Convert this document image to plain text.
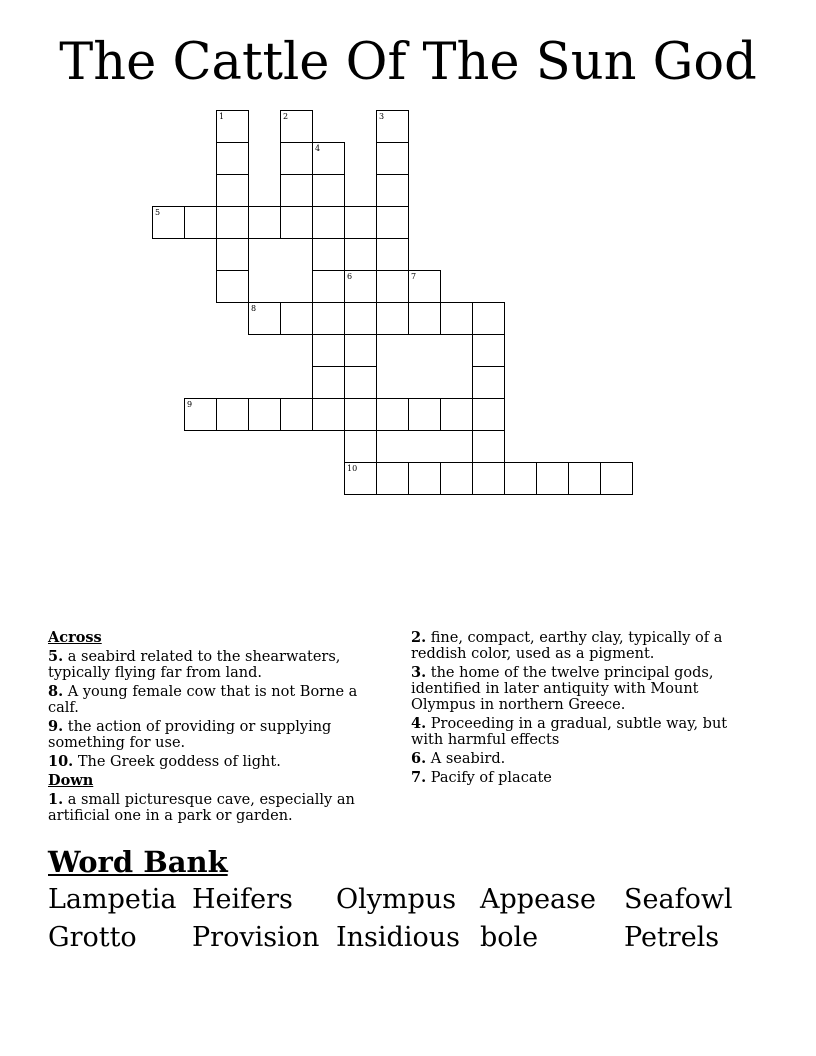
The Cattle Of The Sun God
1	2	3
4
5
6	7
8
9
10
Across
5. a seabird related to the shearwaters, typically flying far from land.
8. A young female cow that is not Borne a calf.
9. the action of providing or supplying something for use.
10. The Greek goddess of light.
Down
1. a small picturesque cave, especially an artificial one in a park or garden.
2. fine, compact, earthy clay, typically of a reddish color, used as a pigment.
3. the home of the twelve principal gods, identified in later antiquity with Mount Olympus in northern Greece.
4. Proceeding in a gradual, subtle way, but with harmful effects
6. A seabird.
7. Pacify of placate
Word Bank
Lampetia Heifers Olympus Appease Seafowl
Grotto Provision Insidious bole	Petrels
